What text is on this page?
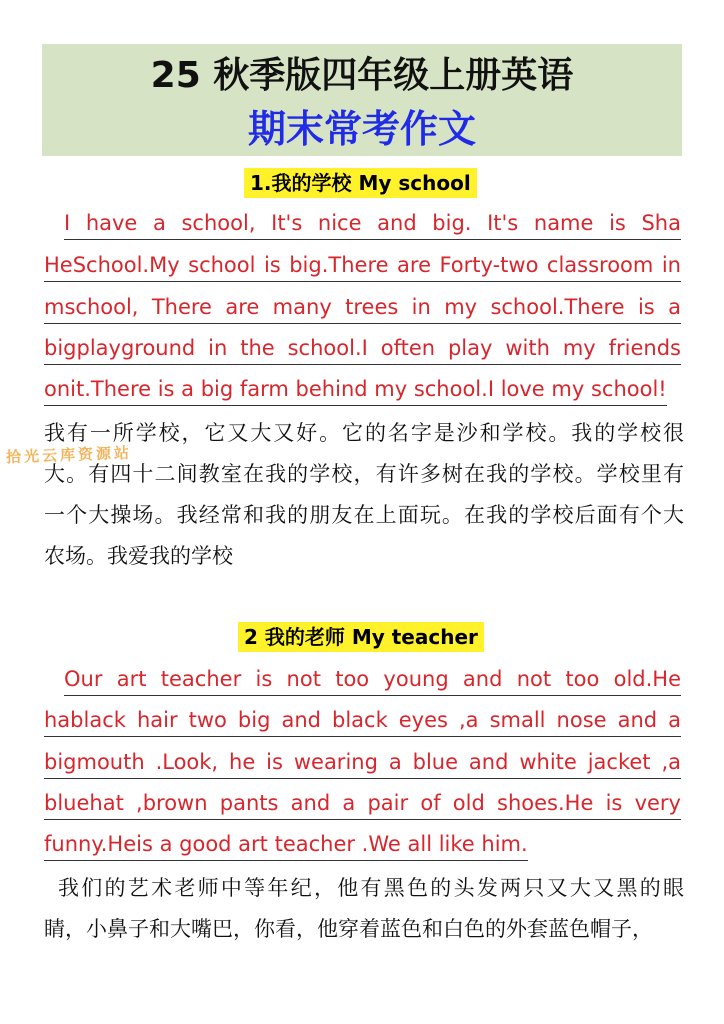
25 秋季版四年级上册英语
期末常考作文
1.我的学校 My school
I have a school, It's nice and big. It's name is Sha
HeSchool.My school is big.There are Forty-two classroom in
mschool, There are many trees in my school.There is a
bigplayground in the school.I often play with my friends
onit.There is a big farm behind my school.I love my school!
我有一所学校，它又大又好。它的名字是沙和学校。我的学校很
大。有四十二间教室在我的学校，有许多树在我的学校。学校里有
一个大操场。我经常和我的朋友在上面玩。在我的学校后面有个大
农场。我爱我的学校
拾光云库资源站
2 我的老师 My teacher
Our art teacher is not too young and not too old.He
hablack hair two big and black eyes ,a small nose and a
bigmouth .Look, he is wearing a blue and white jacket ,a
bluehat ,brown pants and a pair of old shoes.He is very
funny.Heis a good art teacher .We all like him.
我们的艺术老师中等年纪，他有黑色的头发两只又大又黑的眼
睛，小鼻子和大嘴巴，你看，他穿着蓝色和白色的外套蓝色帽子，
